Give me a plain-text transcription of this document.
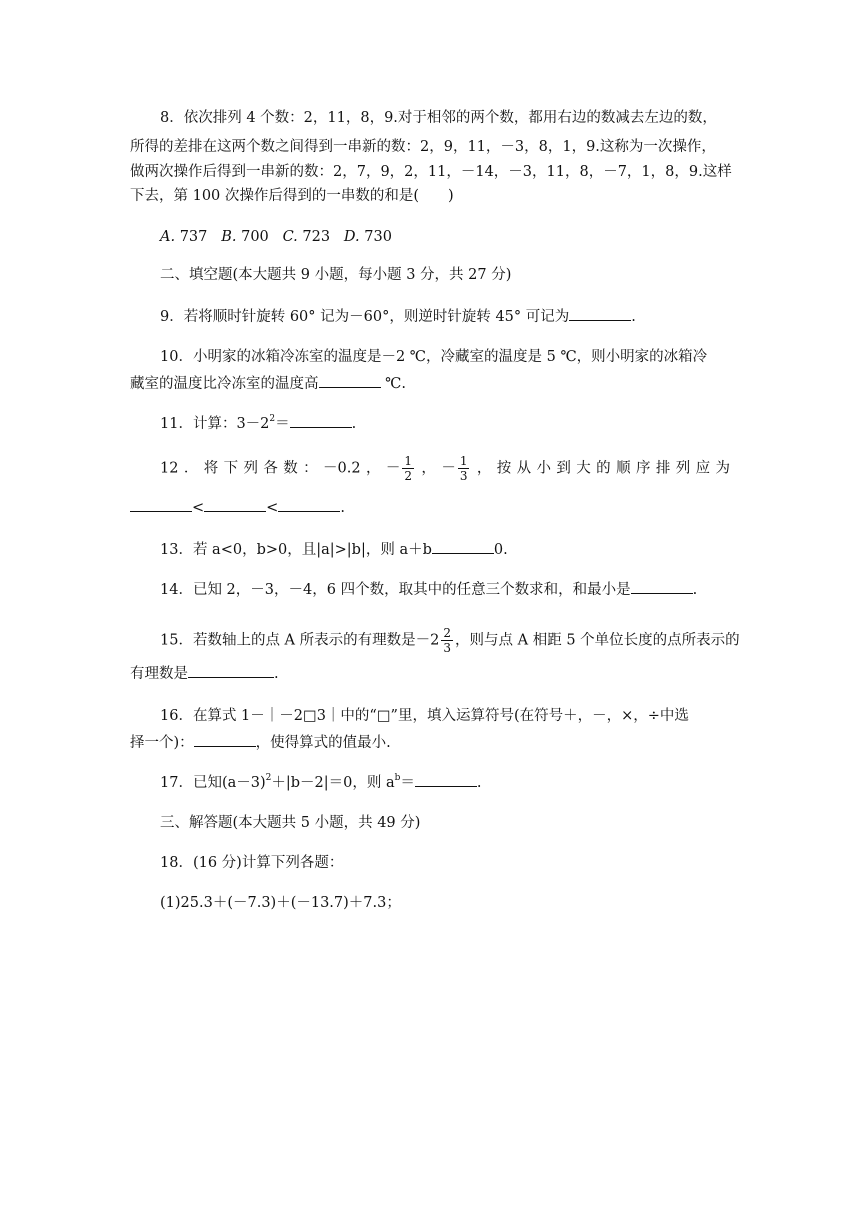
8．依次排列 4 个数：2，11，8，9.对于相邻的两个数，都用右边的数减去左边的数，
所得的差排在这两个数之间得到一串新的数：2，9，11，－3，8，1，9.这称为一次操作，
做两次操作后得到一串新的数：2，7，9，2，11，－14，－3，11，8，－7，1，8，9.这样
下去，第 100 次操作后得到的一串数的和是(　　)
A. 737 B. 700 C. 723 D. 730
二、填空题(本大题共 9 小题，每小题 3 分，共 27 分)
9．若将顺时针旋转 60° 记为－60°，则逆时针旋转 45° 可记为	.
10．小明家的冰箱冷冻室的温度是－2 ℃，冷藏室的温度是 5 ℃，则小明家的冰箱冷
藏室的温度比冷冻室的温度高	℃.
11．计算：$3-2^2=$	.
12．将下列各数：－0.2，－ $\frac{1}{2}$ ，－ $\frac{1}{3}$ ，按从小到大的顺序排列应为
<	<	.
13．若 a<0，b>0，且|a|>|b|，则 a＋b	0.
14．已知 2，－3，－4，6 四个数，取其中的任意三个数求和，和最小是	.
15．若数轴上的点 A 所表示的有理数是$-2 \frac{2}{3}$ ，则与点 A 相距 5 个单位长度的点所表示的
有理数是	.
16．在算式 1－｜－2□3｜中的“□”里，填入运算符号(在符号＋，－，×，÷中选
择一个)：	，使得算式的值最小.
17．已知$(a-3)^2+|b-2|=0$，则 $a^b=$	.
三、解答题(本大题共 5 小题，共 49 分)
18．(16 分)计算下列各题：
(1)25.3＋(－7.3)＋(－13.7)＋7.3；
